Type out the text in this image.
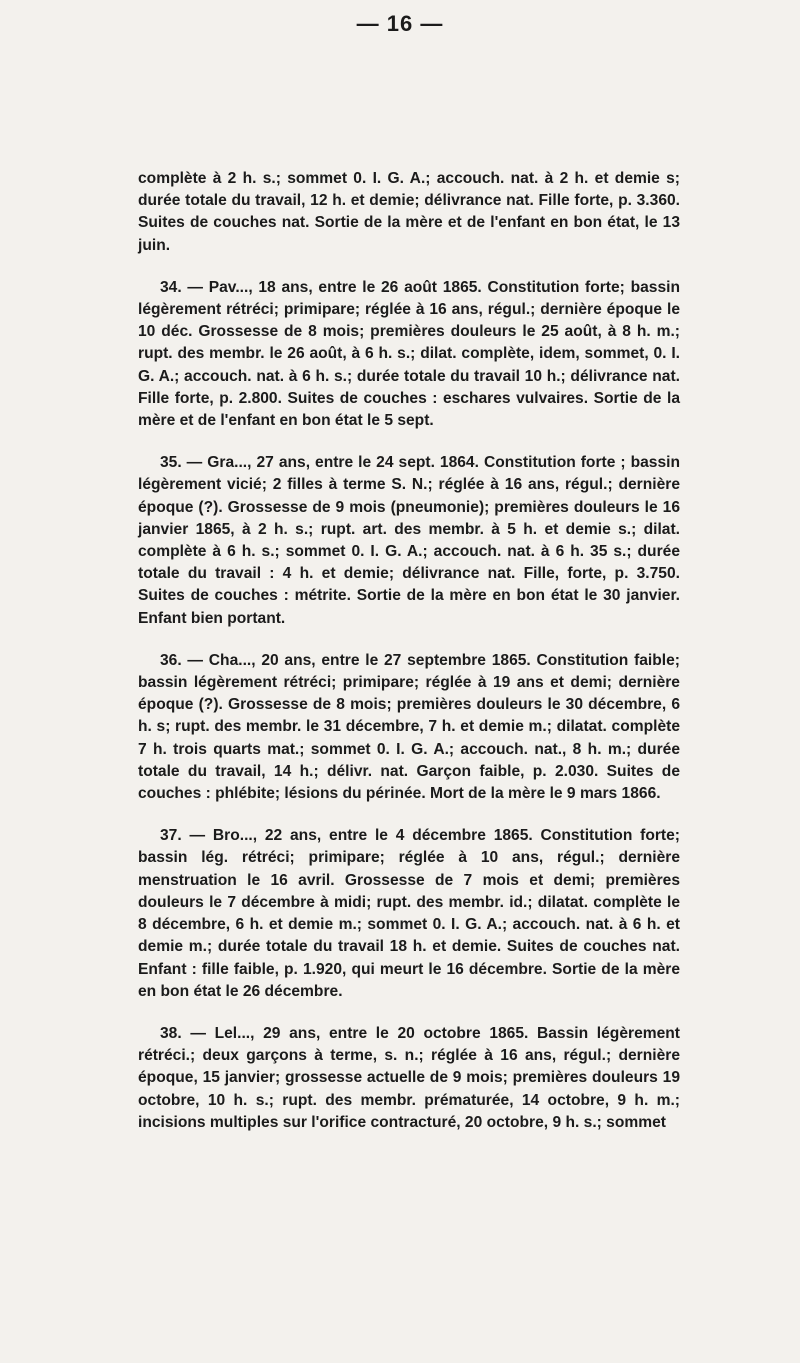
— 16 —

complète à 2 h. s.; sommet 0. I. G. A.; accouch. nat. à 2 h. et demie s; durée totale du travail, 12 h. et demie; délivrance nat. Fille forte, p. 3.360. Suites de couches nat. Sortie de la mère et de l'enfant en bon état, le 13 juin.

34. — Pav..., 18 ans, entre le 26 août 1865. Constitution forte; bassin légèrement rétréci; primipare; réglée à 16 ans, régul.; dernière époque le 10 déc. Grossesse de 8 mois; premières douleurs le 25 août, à 8 h. m.; rupt. des membr. le 26 août, à 6 h. s.; dilat. complète, idem, sommet, 0. I. G. A.; accouch. nat. à 6 h. s.; durée totale du travail 10 h.; délivrance nat. Fille forte, p. 2.800. Suites de couches : eschares vulvaires. Sortie de la mère et de l'enfant en bon état le 5 sept.

35. — Gra..., 27 ans, entre le 24 sept. 1864. Constitution forte ; bassin légèrement vicié; 2 filles à terme S. N.; réglée à 16 ans, régul.; dernière époque (?). Grossesse de 9 mois (pneumonie); premières douleurs le 16 janvier 1865, à 2 h. s.; rupt. art. des membr. à 5 h. et demie s.; dilat. complète à 6 h. s.; sommet 0. I. G. A.; accouch. nat. à 6 h. 35 s.; durée totale du travail : 4 h. et demie; délivrance nat. Fille, forte, p. 3.750. Suites de couches : métrite. Sortie de la mère en bon état le 30 janvier. Enfant bien portant.

36. — Cha..., 20 ans, entre le 27 septembre 1865. Constitution faible; bassin légèrement rétréci; primipare; réglée à 19 ans et demi; dernière époque (?). Grossesse de 8 mois; premières douleurs le 30 décembre, 6 h. s; rupt. des membr. le 31 décembre, 7 h. et demie m.; dilatat. complète 7 h. trois quarts mat.; sommet 0. I. G. A.; accouch. nat., 8 h. m.; durée totale du travail, 14 h.; délivr. nat. Garçon faible, p. 2.030. Suites de couches : phlébite; lésions du périnée. Mort de la mère le 9 mars 1866.

37. — Bro..., 22 ans, entre le 4 décembre 1865. Constitution forte; bassin lég. rétréci; primipare; réglée à 10 ans, régul.; dernière menstruation le 16 avril. Grossesse de 7 mois et demi; premières douleurs le 7 décembre à midi; rupt. des membr. id.; dilatat. complète le 8 décembre, 6 h. et demie m.; sommet 0. I. G. A.; accouch. nat. à 6 h. et demie m.; durée totale du travail 18 h. et demie. Suites de couches nat. Enfant : fille faible, p. 1.920, qui meurt le 16 décembre. Sortie de la mère en bon état le 26 décembre.

38. — Lel..., 29 ans, entre le 20 octobre 1865. Bassin légèrement rétréci.; deux garçons à terme, s. n.; réglée à 16 ans, régul.; dernière époque, 15 janvier; grossesse actuelle de 9 mois; premières douleurs 19 octobre, 10 h. s.; rupt. des membr. prématurée, 14 octobre, 9 h. m.; incisions multiples sur l'orifice contracturé, 20 octobre, 9 h. s.; sommet
